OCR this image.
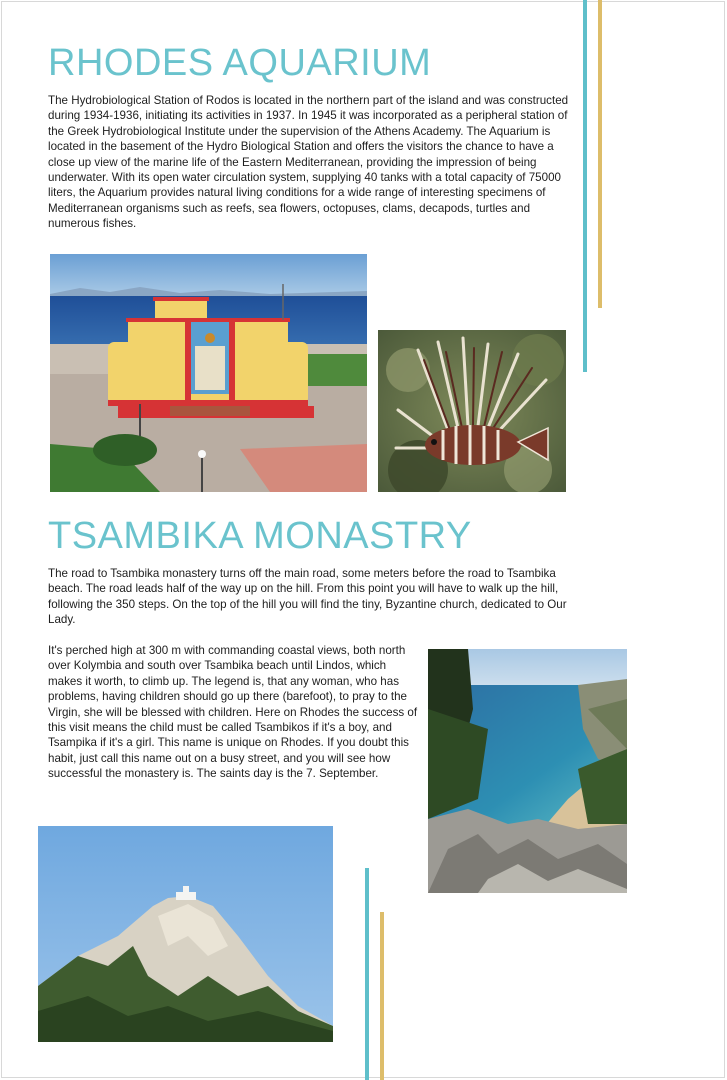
RHODES AQUARIUM

The Hydrobiological Station of Rodos is located in the northern part of the island and was constructed during 1934-1936, initiating its activities in 1937. In 1945 it was incorporated as a peripheral station of the Greek Hydrobiological Institute under the supervision of the Athens Academy. The Aquarium is located in the basement of the Hydro Biological Station and offers the visitors the chance to have a close up view of the marine life of the Eastern Mediterranean, providing the impression of being underwater. With its open water circulation system, supplying 40 tanks with a total capacity of 75000 liters, the Aquarium provides natural living conditions for a wide range of interesting specimens of Mediterranean organisms such as reefs, sea flowers, octopuses, clams, decapods, turtles and numerous fishes.

TSAMBIKA MONASTRY

The road to Tsambika monastery turns off the main road, some meters before the road to Tsambika beach. The road leads half of the way up on the hill. From this point you will have to walk up the hill, following the 350 steps. On the top of the hill you will find the tiny, Byzantine church, dedicated to Our Lady.

It's perched high at 300 m with commanding coastal views, both north over Kolymbia and south over Tsambika beach until Lindos, which makes it worth, to climb up. The legend is, that any woman, who has problems, having children should go up there (barefoot), to pray to the Virgin, she will be blessed with children. Here on Rhodes the success of this visit means the child must be called Tsambikos if it's a boy, and Tsampika if it's a girl. This name is unique on Rhodes. If you doubt this habit, just call this name out on a busy street, and you will see how successful the monastery is. The saints day is the 7. September.
